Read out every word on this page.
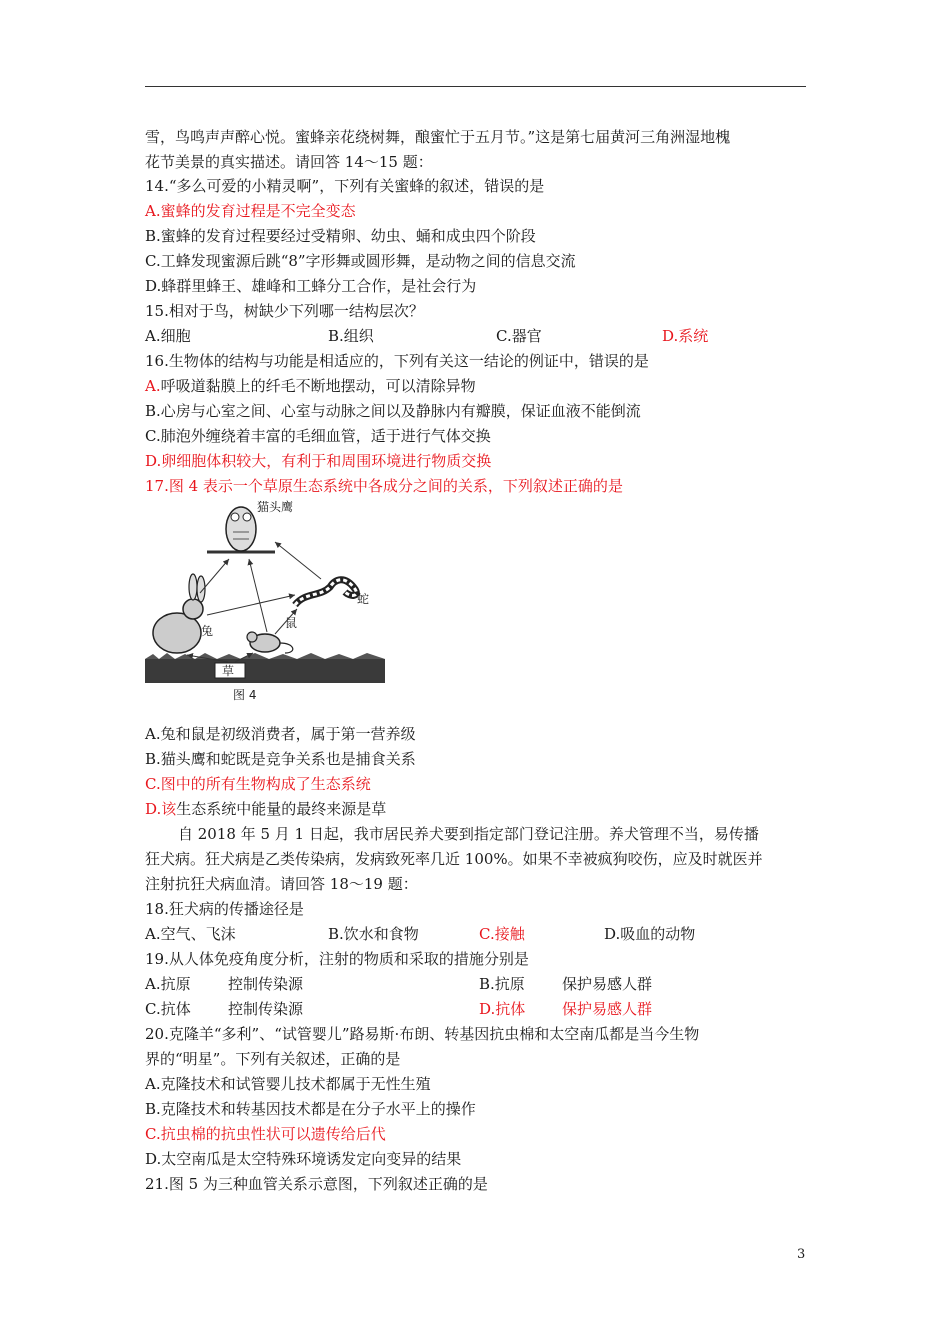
雪，鸟鸣声声醉心悦。蜜蜂亲花绕树舞，酿蜜忙于五月节。”这是第七届黄河三角洲湿地槐
花节美景的真实描述。请回答 14～15 题：
14.“多么可爱的小精灵啊”，下列有关蜜蜂的叙述，错误的是
A.蜜蜂的发育过程是不完全变态
B.蜜蜂的发育过程要经过受精卵、幼虫、蛹和成虫四个阶段
C.工蜂发现蜜源后跳“8”字形舞或圆形舞，是动物之间的信息交流
D.蜂群里蜂王、雄峰和工蜂分工合作，是社会行为
15.相对于鸟，树缺少下列哪一结构层次？
A.细胞	B.组织	C.器官	D.系统
16.生物体的结构与功能是相适应的，下列有关这一结论的例证中，错误的是
A.呼吸道黏膜上的纤毛不断地摆动，可以清除异物
B.心房与心室之间、心室与动脉之间以及静脉内有瓣膜，保证血液不能倒流
C.肺泡外缠绕着丰富的毛细血管，适于进行气体交换
D.卵细胞体积较大，有利于和周围环境进行物质交换
17.图 4 表示一个草原生态系统中各成分之间的关系，下列叙述正确的是
草
猫头鹰
蛇
兔
鼠
图 4
A.兔和鼠是初级消费者，属于第一营养级
B.猫头鹰和蛇既是竞争关系也是捕食关系
C.图中的所有生物构成了生态系统
D.该生态系统中能量的最终来源是草
自 2018 年 5 月 1 日起，我市居民养犬要到指定部门登记注册。养犬管理不当，易传播
狂犬病。狂犬病是乙类传染病，发病致死率几近 100%。如果不幸被疯狗咬伤，应及时就医并
注射抗狂犬病血清。请回答 18～19 题：
18.狂犬病的传播途径是
A.空气、飞沫	B.饮水和食物	C.接触	D.吸血的动物
19.从人体免疫角度分析，注射的物质和采取的措施分别是
A.抗原 控制传染源	B.抗原 保护易感人群
C.抗体 控制传染源	D.抗体 保护易感人群
20.克隆羊“多利”、“试管婴儿”路易斯·布朗、转基因抗虫棉和太空南瓜都是当今生物
界的“明星”。下列有关叙述，正确的是
A.克隆技术和试管婴儿技术都属于无性生殖
B.克隆技术和转基因技术都是在分子水平上的操作
C.抗虫棉的抗虫性状可以遗传给后代
D.太空南瓜是太空特殊环境诱发定向变异的结果
21.图 5 为三种血管关系示意图，下列叙述正确的是
3
